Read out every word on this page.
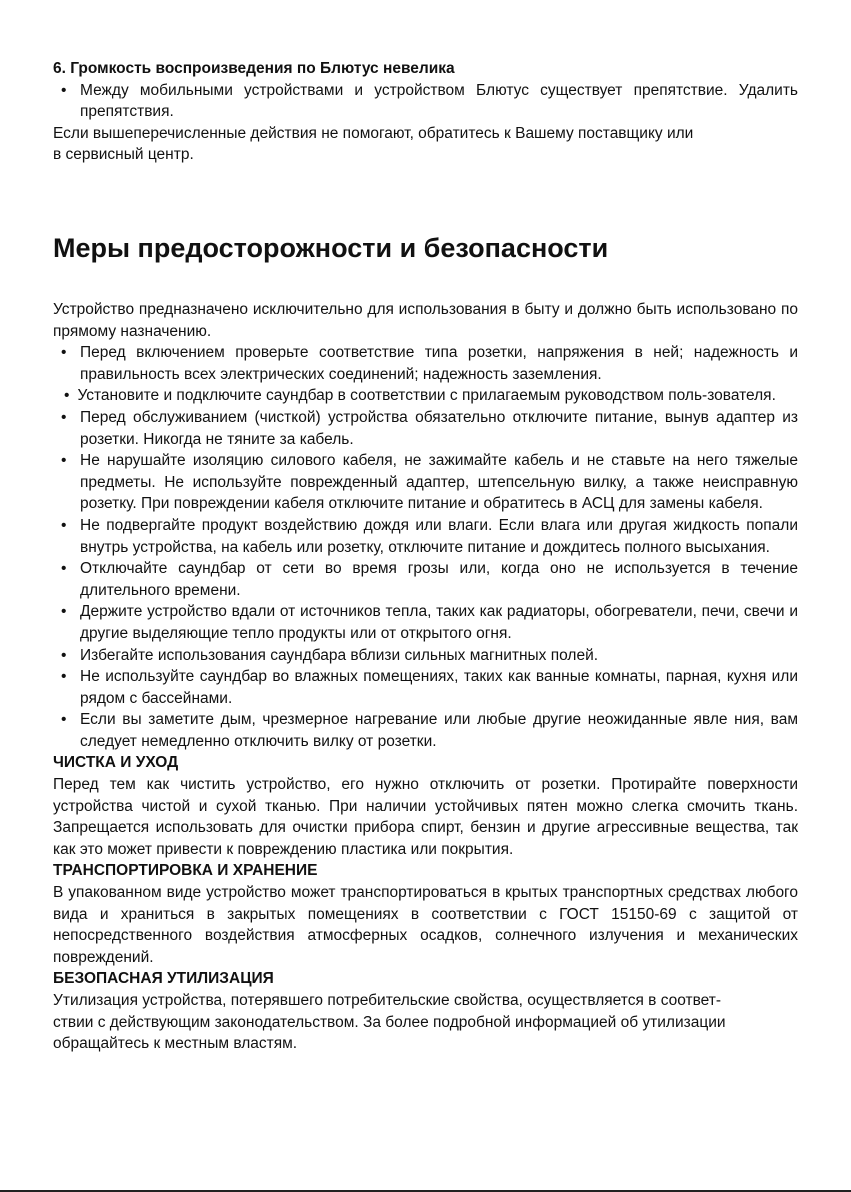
6. Громкость воспроизведения по Блютус невелика

• Между мобильными устройствами и устройством Блютус существует препятствие. Удалить препятствия.

Если вышеперечисленные действия не помогают, обратитесь к Вашему поставщику или

в сервисный центр.

Меры предосторожности и безопасности

Устройство предназначено исключительно для использования в быту и должно быть использовано по прямому назначению.

• Перед включением проверьте соответствие типа розетки, напряжения в ней; надежность и правильность всех электрических соединений; надежность заземления.
• Установите и подключите саундбар в соответствии с прилагаемым руководством поль-зователя.
• Перед обслуживанием (чисткой) устройства обязательно отключите питание, вынув адаптер из розетки. Никогда не тяните за кабель.
• Не нарушайте изоляцию силового кабеля, не зажимайте кабель и не ставьте на него тяжелые предметы. Не используйте поврежденный адаптер, штепсельную вилку, а также неисправную розетку. При повреждении кабеля отключите питание и обратитесь в АСЦ для замены кабеля.
• Не подвергайте продукт воздействию дождя или влаги. Если влага или другая жидкость попали внутрь устройства, на кабель или розетку, отключите питание и дождитесь полного высыхания.
• Отключайте саундбар от сети во время грозы или, когда оно не используется в течение длительного времени.
• Держите устройство вдали от источников тепла, таких как радиаторы, обогреватели, печи, свечи и другие выделяющие тепло продукты или от открытого огня.
• Избегайте использования саундбара вблизи сильных магнитных полей.
• Не используйте саундбар во влажных помещениях, таких как ванные комнаты, парная, кухня или рядом с бассейнами.
• Если вы заметите дым, чрезмерное нагревание или любые другие неожиданные явле ния, вам следует немедленно отключить вилку от розетки.

ЧИСТКА И УХОД

Перед тем как чистить устройство, его нужно отключить от розетки. Протирайте поверхности устройства чистой и сухой тканью. При наличии устойчивых пятен можно слегка смочить ткань. Запрещается использовать для очистки прибора спирт, бензин и другие агрессивные вещества, так как это может привести к повреждению пластика или покрытия.

ТРАНСПОРТИРОВКА И ХРАНЕНИЕ

В упакованном виде устройство может транспортироваться в крытых транспортных средствах любого вида и храниться в закрытых помещениях в соответствии с ГОСТ 15150-69 с защитой от непосредственного воздействия атмосферных осадков, солнечного излучения и механических повреждений.

БЕЗОПАСНАЯ УТИЛИЗАЦИЯ

Утилизация устройства, потерявшего потребительские свойства, осуществляется в соответ-

ствии с действующим законодательством. За более подробной информацией об утилизации

обращайтесь к местным властям.
